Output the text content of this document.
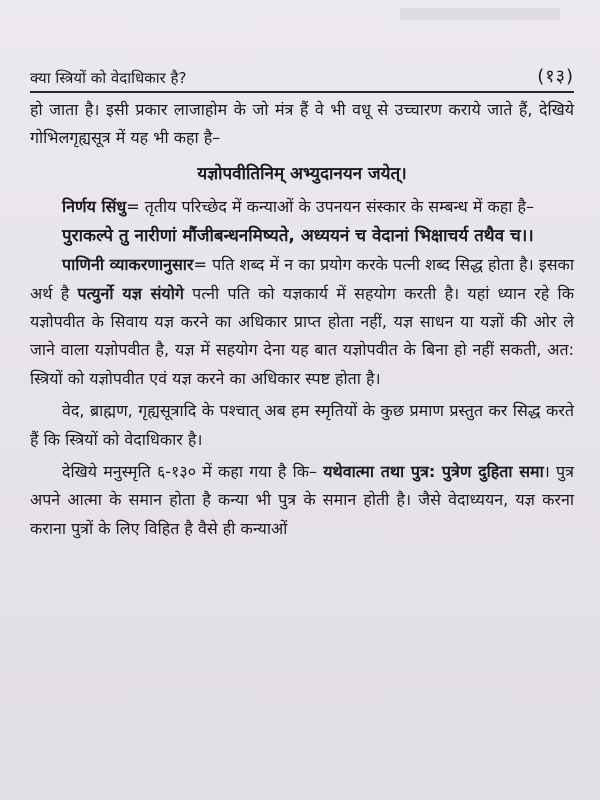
क्या स्त्रियों को वेदाधिकार है?	(१३)

हो जाता है। इसी प्रकार लाजाहोम के जो मंत्र हैं वे भी वधू से उच्चारण कराये जाते हैं, देखिये गोभिलगृह्यसूत्र में यह भी कहा है–

यज्ञोपवीतिनिम् अभ्युदानयन जयेत्।

निर्णय सिंधु= तृतीय परिच्छेद में कन्याओं के उपनयन संस्कार के सम्बन्ध में कहा है–

पुराकल्पे तु नारीणां मौंजीबन्धनमिष्यते, अध्ययनं च वेदानां भिक्षाचर्य तथैव च।।

पाणिनी व्याकरणानुसार= पति शब्द में न का प्रयोग करके पत्नी शब्द सिद्ध होता है। इसका अर्थ है पत्युर्नो यज्ञ संयोगे पत्नी पति को यज्ञकार्य में सहयोग करती है। यहां ध्यान रहे कि यज्ञोपवीत के सिवाय यज्ञ करने का अधिकार प्राप्त होता नहीं, यज्ञ साधन या यज्ञों की ओर ले जाने वाला यज्ञोपवीत है, यज्ञ में सहयोग देना यह बात यज्ञोपवीत के बिना हो नहीं सकती, अत: स्त्रियों को यज्ञोपवीत एवं यज्ञ करने का अधिकार स्पष्ट होता है।

वेद, ब्राह्मण, गृह्यसूत्रादि के पश्चात् अब हम स्मृतियों के कुछ प्रमाण प्रस्तुत कर सिद्ध करते हैं कि स्त्रियों को वेदाधिकार है।

देखिये मनुस्मृति ६-१३० में कहा गया है कि– यथेवात्मा तथा पुत्र: पुत्रेण दुहिता समा। पुत्र अपने आत्मा के समान होता है कन्या भी पुत्र के समान होती है। जैसे वेदाध्ययन, यज्ञ करना कराना पुत्रों के लिए विहित है वैसे ही कन्याओं
